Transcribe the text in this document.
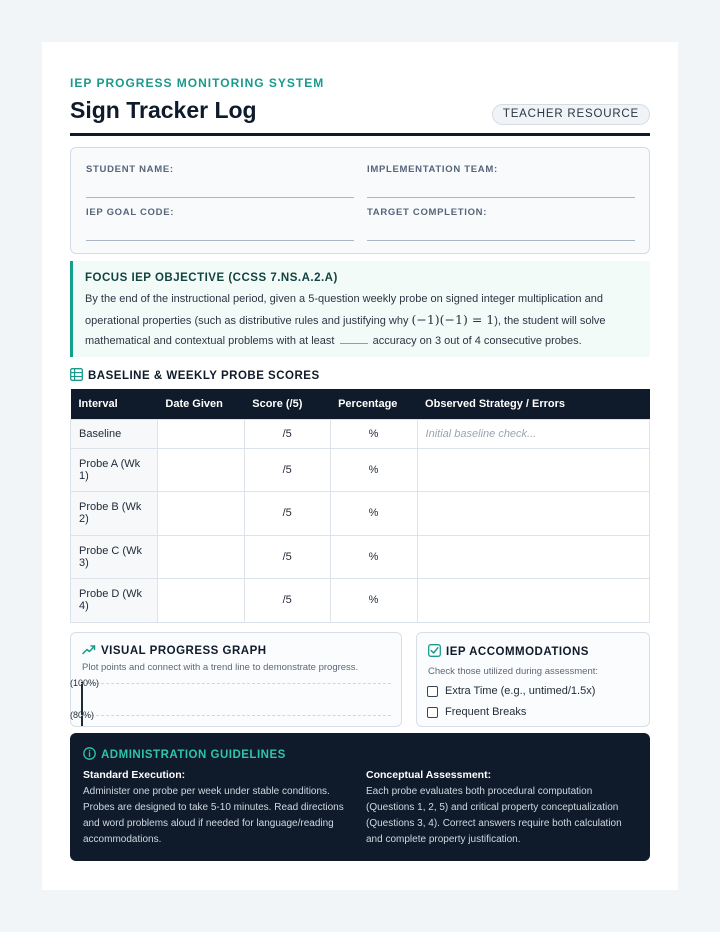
IEP PROGRESS MONITORING SYSTEM
Sign Tracker Log	TEACHER RESOURCE
STUDENT NAME:	IMPLEMENTATION TEAM:
IEP GOAL CODE:	TARGET COMPLETION:
FOCUS IEP OBJECTIVE (CCSS 7.NS.A.2.A)
By the end of the instructional period, given a 5-question weekly probe on signed integer multiplication and operational properties (such as distributive rules and justifying why (−1)(−1) = 1), the student will solve mathematical and contextual problems with at least	accuracy on 3 out of 4 consecutive probes.
BASELINE & WEEKLY PROBE SCORES
Interval	Date Given	Score (/5)	Percentage	Observed Strategy / Errors
Baseline		/5	%	Initial baseline check...
Probe A (Wk 1)		/5	%	
Probe B (Wk 2)		/5	%	
Probe C (Wk 3)		/5	%	
Probe D (Wk 4)		/5	%	
VISUAL PROGRESS GRAPH
Plot points and connect with a trend line to demonstrate progress.
(100%)
(80%)
IEP ACCOMMODATIONS
Check those utilized during assessment:
Extra Time (e.g., untimed/1.5x)
Frequent Breaks
ADMINISTRATION GUIDELINES
Standard Execution:
Administer one probe per week under stable conditions. Probes are designed to take 5-10 minutes. Read directions and word problems aloud if needed for language/reading accommodations.
Conceptual Assessment:
Each probe evaluates both procedural computation (Questions 1, 2, 5) and critical property conceptualization (Questions 3, 4). Correct answers require both calculation and complete property justification.
